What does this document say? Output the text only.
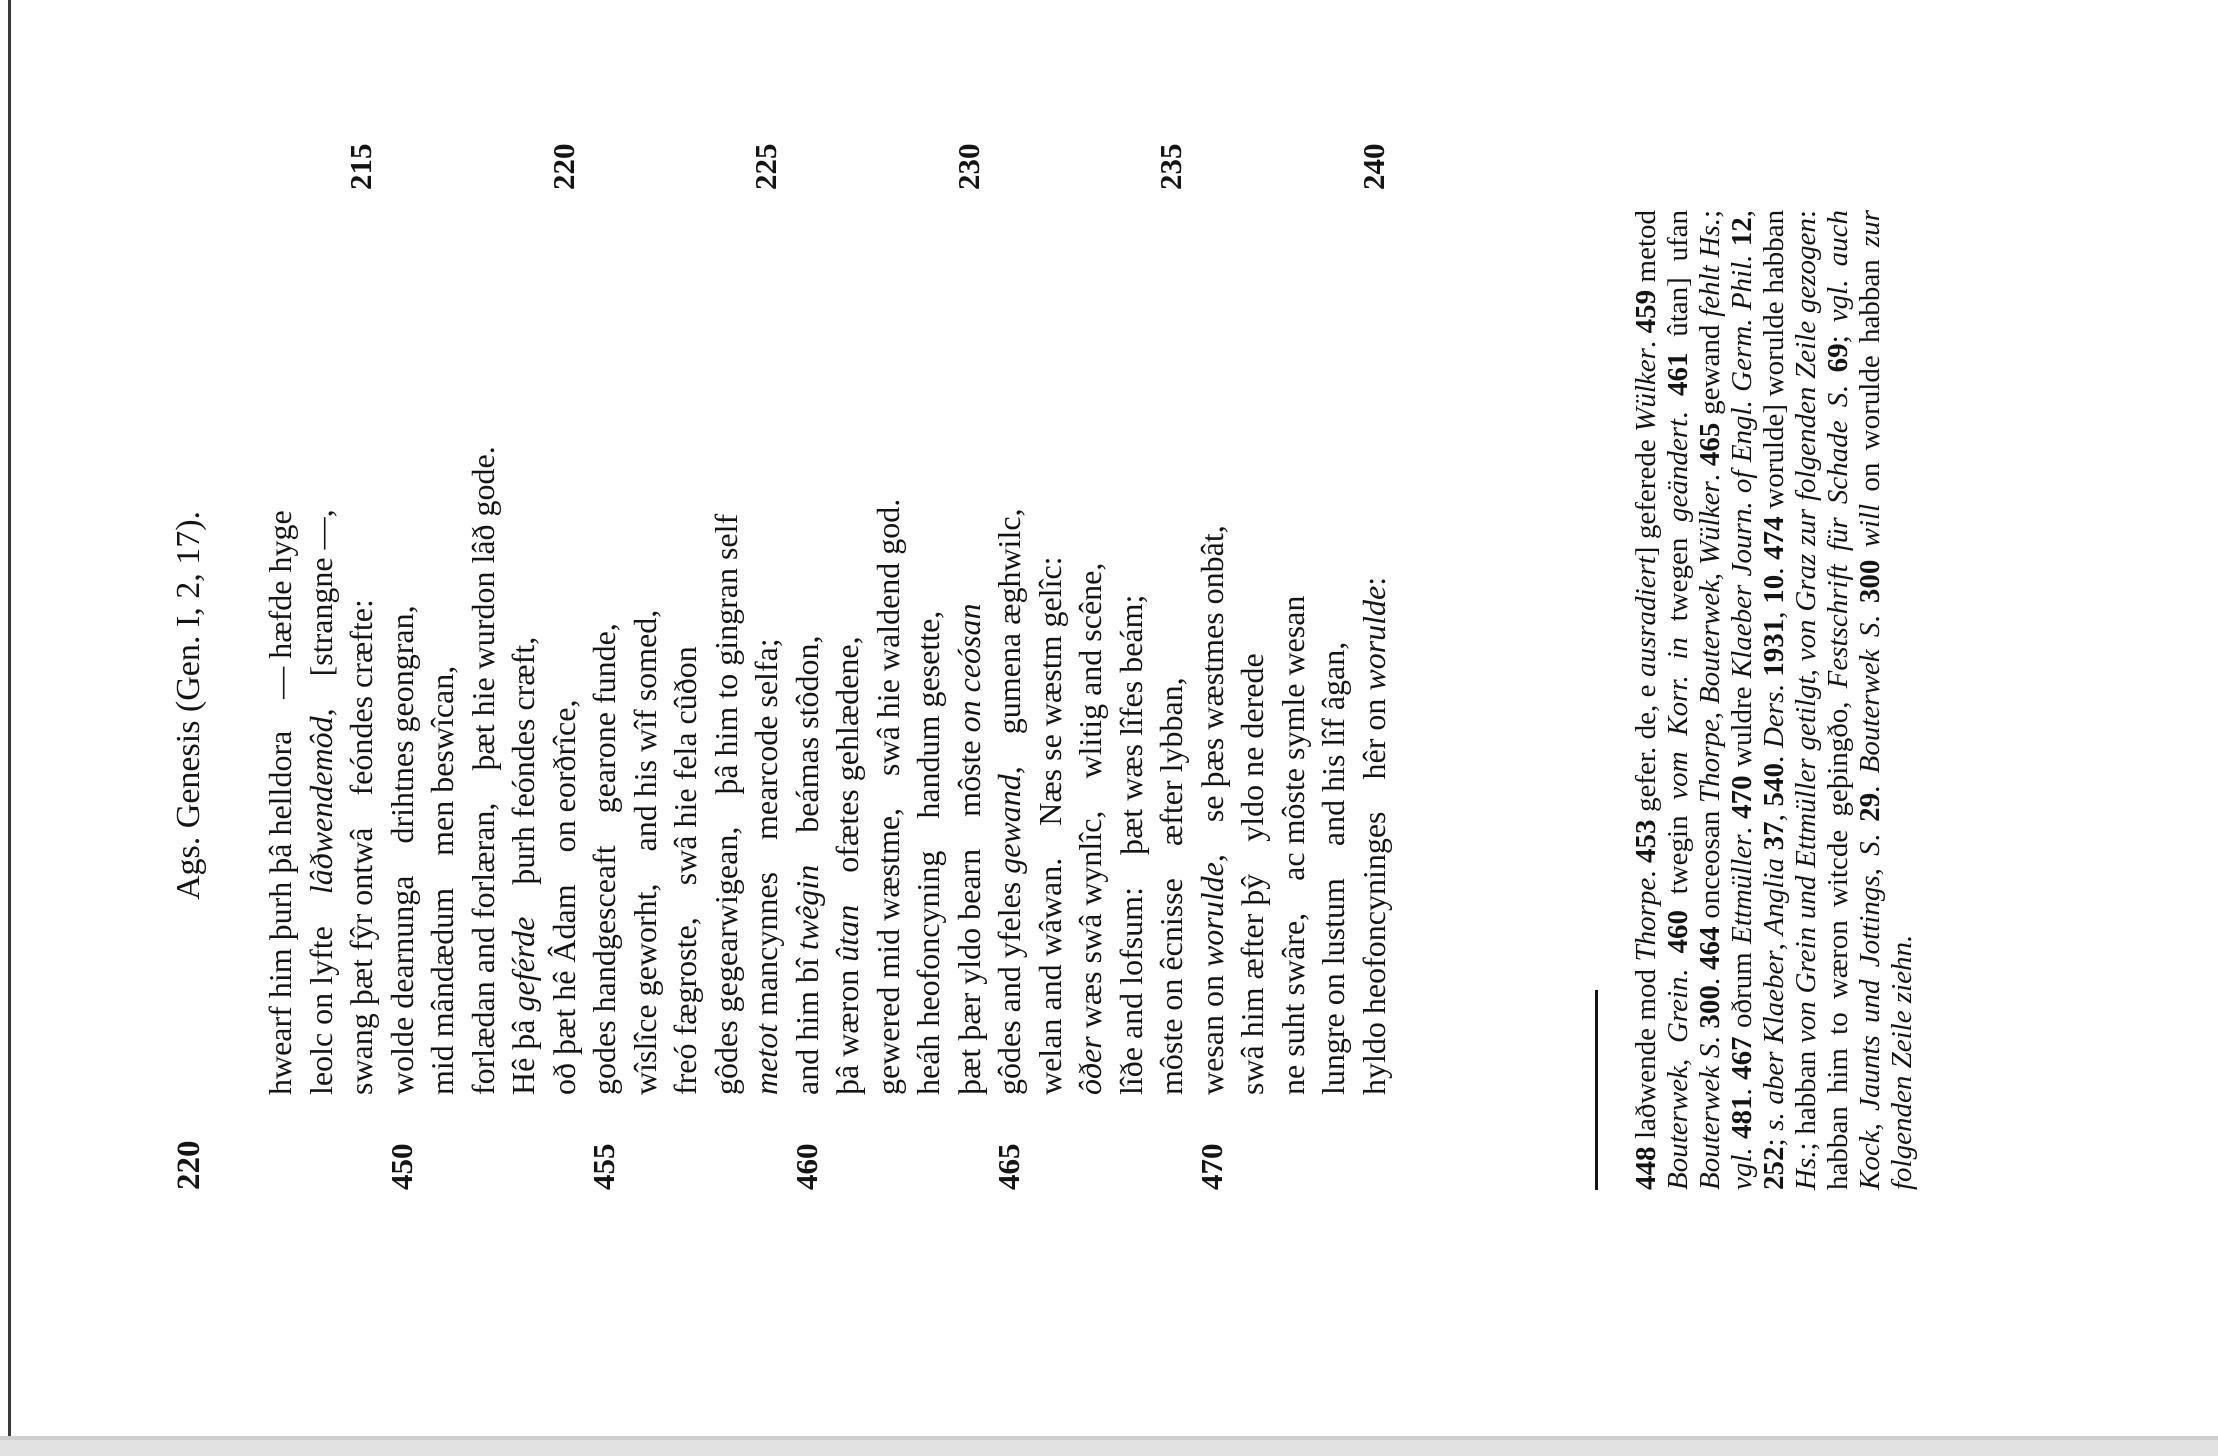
220
Ags. Genesis (Gen. I, 2, 17). hwearf him þurh þâ helldora — hæfde hyge leolc on lyfte lâðwendemôd, [strangne —, swang þæt fŷr ontwâ feóndes cræfte:
215
450
wolde dearnunga drihtnes geongran, mid mândædum men beswîcan, forlædan and forlæran, þæt hie wurdon lâð gode. Hê þâ geférde þurh feóndes cræft, oð þæt hê Âdam on eorðrîce,
220
455
godes handgesceaft gearone funde, wîslîce geworht, and his wîf somed, freó fægroste, swâ hie fela cûðon gôdes gegearwigean, þâ him to gingran self metot mancynnes mearcode selfa;
225
460
and him bî twêgin beámas stôdon,
þâ wæron ûtan ofætes gehlædene, gewered mid wæstme, swâ hie waldend god. heáh heofoncyning handum gesette, þæt þær yldo bearn môste on ceósan
230
465
gôdes and yfeles gewand, gumena æghwilc, welan and wâwan. Næs se wæstm gelîc: ôðer wæs swâ wynlîc, wlitig and scêne, lîðe and lofsum: þæt wæs lîfes beám; môste on êcnisse æfter lybban,
235
470
wesan on worulde, se þæs wæstmes onbât, swâ him æfter þŷ yldo ne derede ne suht swâre, ac môste symle wesan lungre on lustum and his lîf âgan, hyldo heofoncyninges hêr on worulde:
240
448 laðwende mod Thorpe. 453 gefer. de, e ausradiert] geferede Wülker. 459 metod Bouterwek, Grein. 460 twegin vom Korr. in twegen geändert. 461 ûtan] ufan Bouterwek S. 300. 464 onceosan Thorpe, Bouterwek, Wülker. 465 gewand fehlt Hs.; vgl. 481. 467 oðrum Ettmüller. 470 wuldre Klaeber Journ. of Engl. Germ. Phil. 12, 252; s. aber Klaeber, Anglia 37, 540. Ders. 1931, 10. 474 worulde] worulde habban Hs.; habban von Grein und Ettmüller getilgt, von Graz zur folgenden Zeile gezogen: habban him to wæron witcde geþingðo, Festschrift für Schade S. 69; vgl. auch Kock, Jaunts und Jottings, S. 29. Bouterwek S. 300 will on worulde habban zur folgenden Zeile ziehn.
